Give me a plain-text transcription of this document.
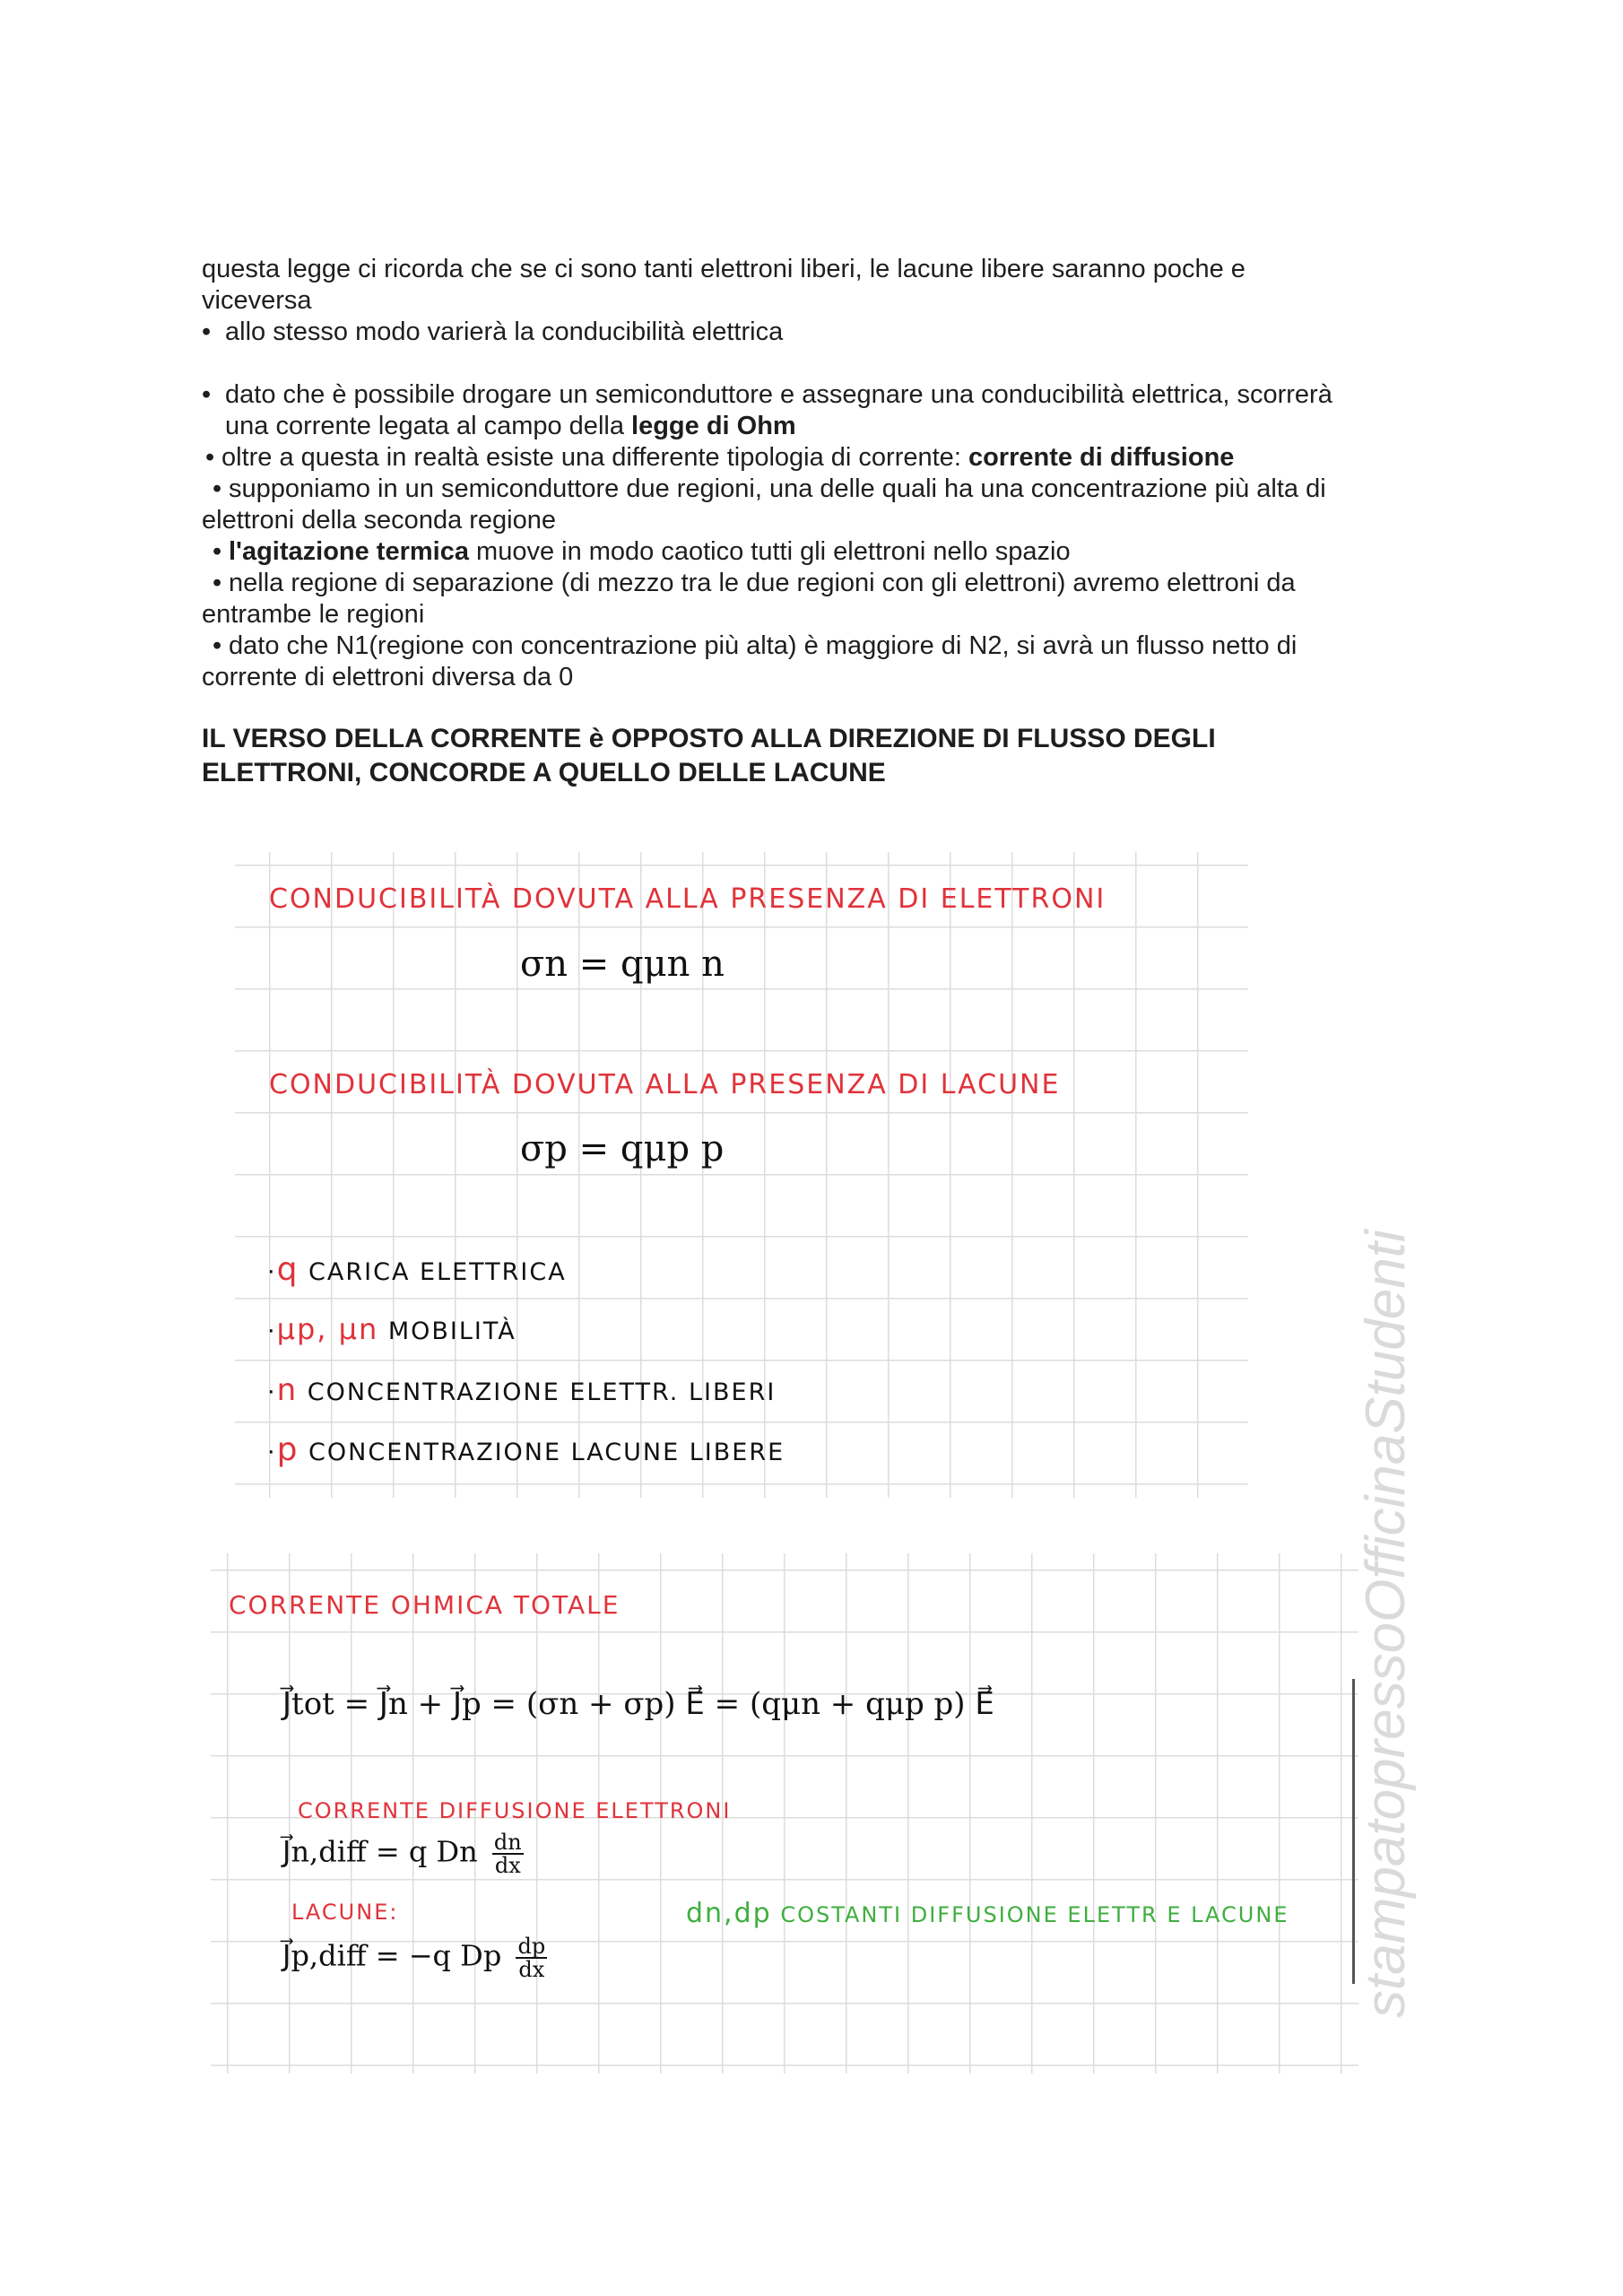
questa legge ci ricorda che se ci sono tanti elettroni liberi, le lacune libere saranno poche e

viceversa

• allo stesso modo varierà la conducibilità elettrica

• dato che è possibile drogare un semiconduttore e assegnare una conducibilità elettrica, scorrerà

una corrente legata al campo della legge di Ohm

• oltre a questa in realtà esiste una differente tipologia di corrente: corrente di diffusione

• supponiamo in un semiconduttore due regioni, una delle quali ha una concentrazione più alta di

elettroni della seconda regione

• l'agitazione termica muove in modo caotico tutti gli elettroni nello spazio

• nella regione di separazione (di mezzo tra le due regioni con gli elettroni) avremo elettroni da

entrambe le regioni

• dato che N1(regione con concentrazione più alta) è maggiore di N2, si avrà un flusso netto di

corrente di elettroni diversa da 0

IL VERSO DELLA CORRENTE è OPPOSTO ALLA DIREZIONE DI FLUSSO DEGLI
ELETTRONI, CONCORDE A QUELLO DELLE LACUNE
CONDUCIBILITÀ DOVUTA ALLA PRESENZA DI ELETTRONI
σn = qμn n
CONDUCIBILITÀ DOVUTA ALLA PRESENZA DI LACUNE
σp = qμp p
·q CARICA ELETTRICA
·μp, μn MOBILITÀ
·n CONCENTRAZIONE ELETTR. LIBERI
·p CONCENTRAZIONE LACUNE LIBERE
CORRENTE OHMICA TOTALE
J⃗tot = J⃗n + J⃗p = (σn + σp) E⃗ = (qμn + qμp p) E⃗
CORRENTE DIFFUSIONE ELETTRONI
J⃗n,diff = q Dn $\frac{dn}{dx}$
LACUNE:
J⃗p,diff = −q Dp $\frac{dp}{dx}$
dn,dp COSTANTI DIFFUSIONE ELETTR E LACUNE stampatopressoOfficinaStudenti
